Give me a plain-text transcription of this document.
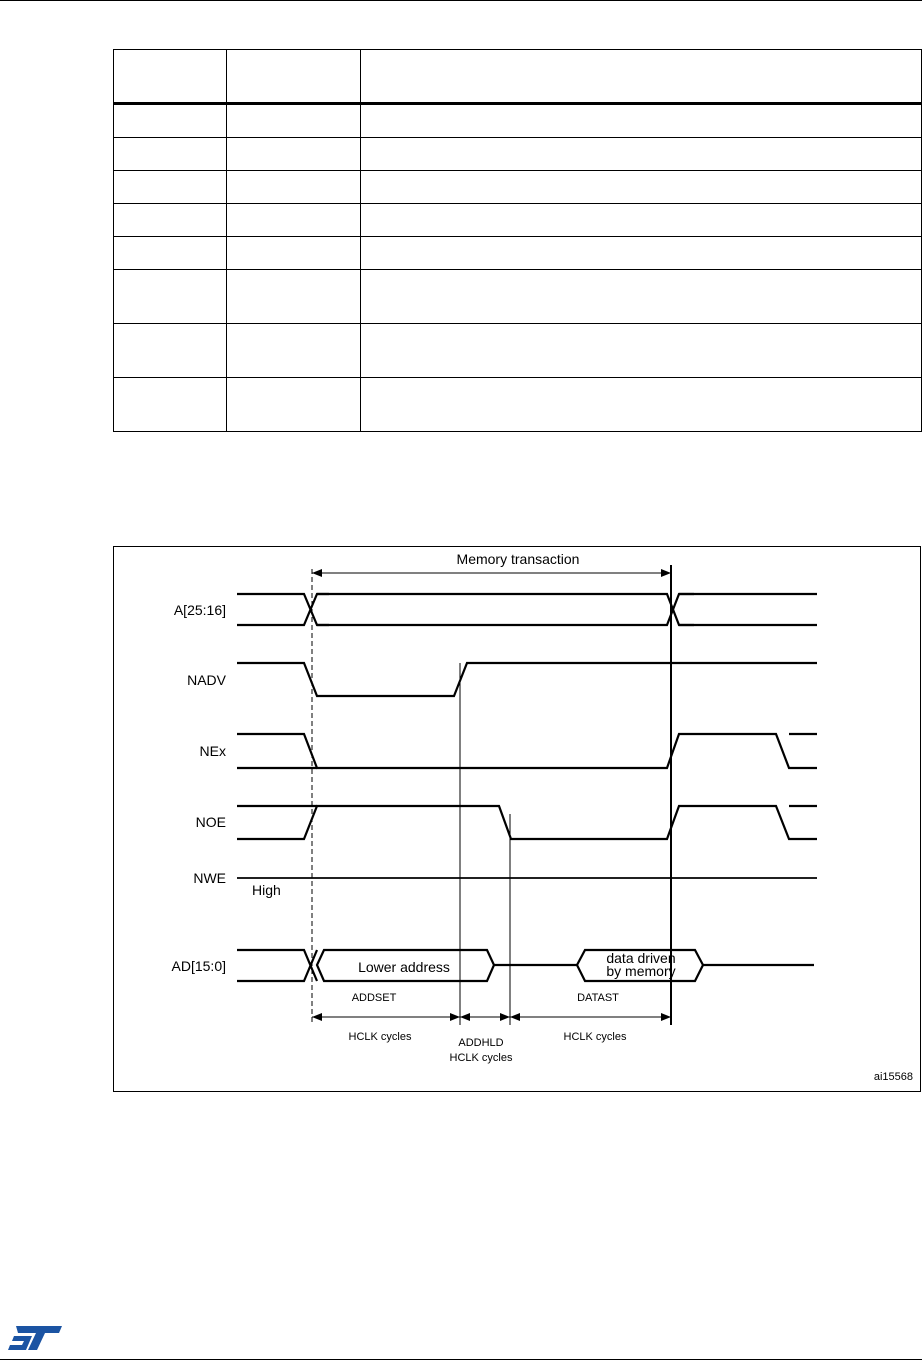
Memory transaction
A[25:16]
NADV
NEx
NOE
NWE
AD[15:0]
High
Lower address
data driven
by memory
ADDSET
HCLK cycles	ADDHLD
HCLK cycles
DATAST
HCLK cycles
ai15568
